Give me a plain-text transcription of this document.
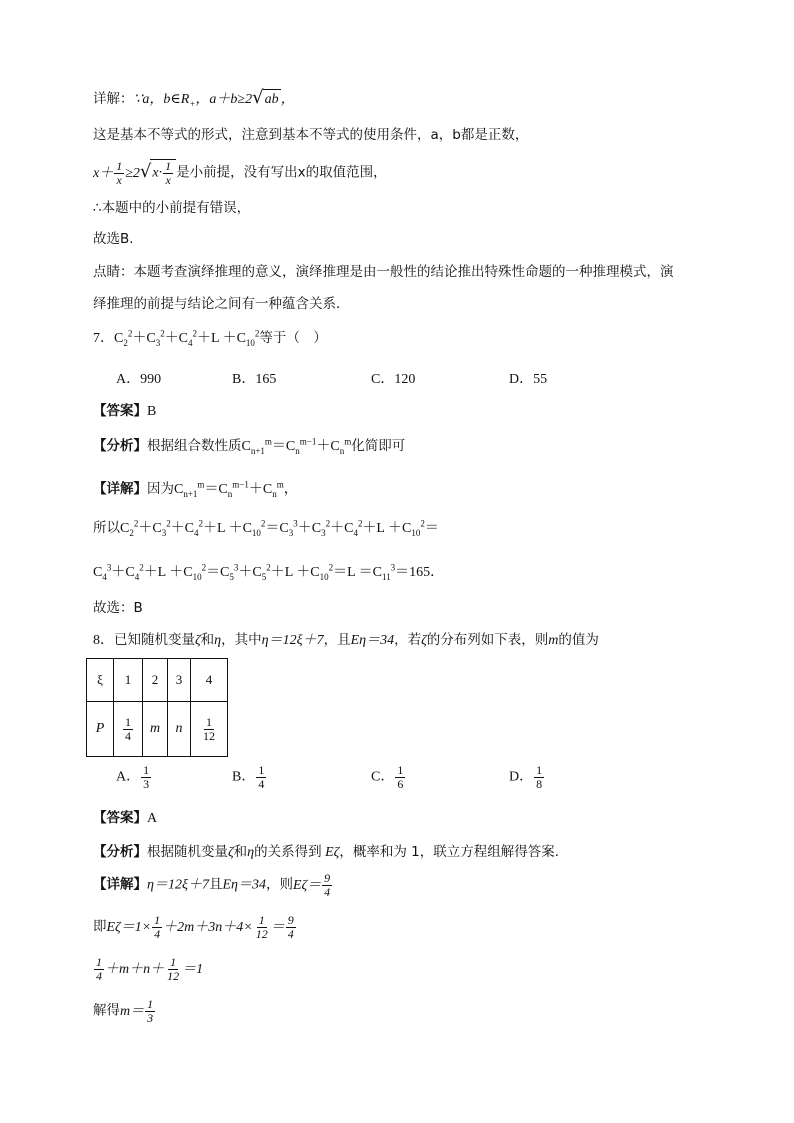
详解：∵a，$b\in R_+$，a＋b≥2√ab ，
这是基本不等式的形式，注意到基本不等式的使用条件，a，b都是正数，
$x+ \frac{1}{x} \ge 2√x\cdot \frac{1}{x}$ 是小前提，没有写出x的取值范围，
∴本题中的小前提有错误，
故选B．
点睛：本题考查演绎推理的意义，演绎推理是由一般性的结论推出特殊性命题的一种推理模式，演
绎推理的前提与结论之间有一种蕴含关系．
7．$C_2^2+C_3^2+C_4^2+L +C_{10}^2$等于（　）
A．990	B．165	C．120	D．55
【答案】B
【分析】根据组合数性质$C_{n+1}^m=C_n^{m-1}+C_n^m$化简即可
【详解】因为$C_{n+1}^m=C_n^{m-1}+C_n^m$，
所以$C_2^2+C_3^2+C_4^2+L +C_{10}^2=C_3^3+C_3^2+C_4^2+L +C_{10}^2=$
$C_4^3+C_4^2+L +C_{10}^2=C_5^3+C_5^2+L +C_{10}^2=L =C_{11}^3=165$．
故选：B
8．已知随机变量ζ和η，其中η＝12ξ＋7，且Eη＝34，若ζ的分布列如下表，则m的值为
ξ	1	2	3	4
P	$\frac{1}{4}$	m	n	$\frac{1}{12}$
A． $\frac{1}{3}$	B． $\frac{1}{4}$	C． $\frac{1}{6}$	D． $\frac{1}{8}$
【答案】A
【分析】根据随机变量ζ和η的关系得到 Eζ，概率和为 1，联立方程组解得答案.
【详解】η＝12ξ＋7且Eη＝34，则$E\zeta= \frac{9}{4}$
即$E\zeta=1\times \frac{1}{4} +2m+3n+4\times \frac{1}{12} = \frac{9}{4}$
$\frac{1}{4} +m+n+ \frac{1}{12} =1$
解得$m= \frac{1}{3}$
